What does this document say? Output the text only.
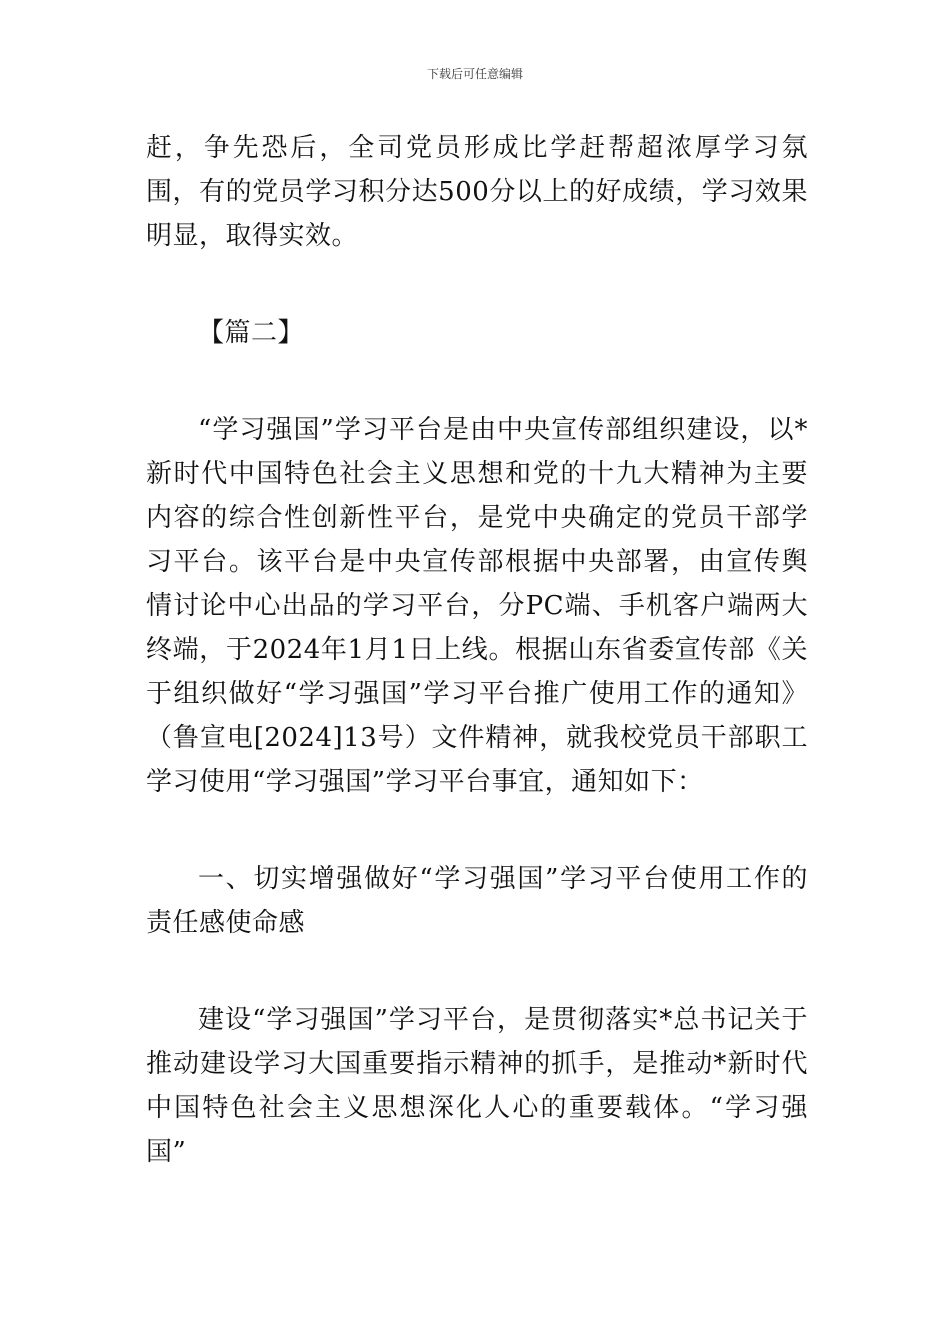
下载后可任意编辑

赶，争先恐后，全司党员形成比学赶帮超浓厚学习氛围，有的党员学习积分达500分以上的好成绩，学习效果明显，取得实效。

【篇二】

“学习强国”学习平台是由中央宣传部组织建设，以*新时代中国特色社会主义思想和党的十九大精神为主要内容的综合性创新性平台，是党中央确定的党员干部学习平台。该平台是中央宣传部根据中央部署，由宣传舆情讨论中心出品的学习平台，分PC端、手机客户端两大终端，于2024年1月1日上线。根据山东省委宣传部《关于组织做好“学习强国”学习平台推广使用工作的通知》（鲁宣电[2024]13号）文件精神，就我校党员干部职工学习使用“学习强国”学习平台事宜，通知如下：

一、切实增强做好“学习强国”学习平台使用工作的责任感使命感

建设“学习强国”学习平台，是贯彻落实*总书记关于推动建设学习大国重要指示精神的抓手，是推动*新时代中国特色社会主义思想深化人心的重要载体。“学习强国”
